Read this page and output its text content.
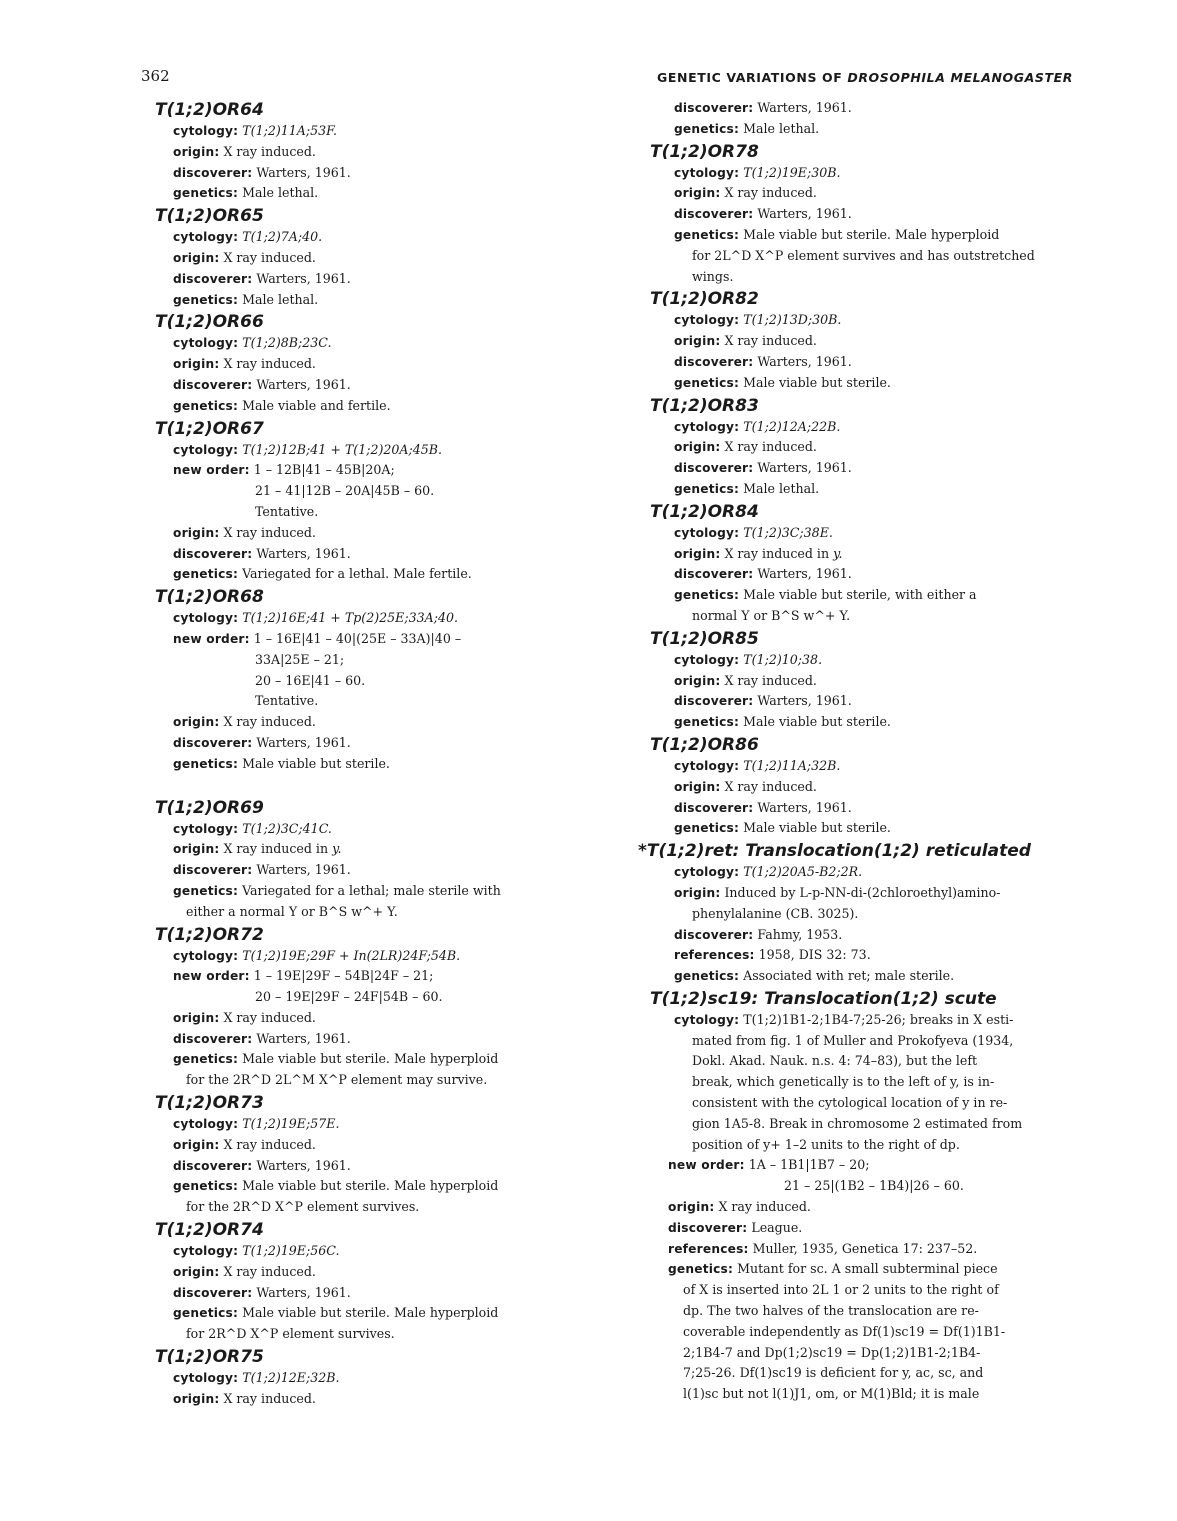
362	GENETIC VARIATIONS OF DROSOPHILA MELANOGASTER
T(1;2)OR64
cytology: T(1;2)11A;53F.
origin: X ray induced.
discoverer: Warters, 1961.
genetics: Male lethal.
T(1;2)OR65
cytology: T(1;2)7A;40.
origin: X ray induced.
discoverer: Warters, 1961.
genetics: Male lethal.
T(1;2)OR66
cytology: T(1;2)8B;23C.
origin: X ray induced.
discoverer: Warters, 1961.
genetics: Male viable and fertile.
T(1;2)OR67
cytology: T(1;2)12B;41 + T(1;2)20A;45B.
new order: 1 – 12B|41 – 45B|20A;
21 – 41|12B – 20A|45B – 60.
Tentative.
origin: X ray induced.
discoverer: Warters, 1961.
genetics: Variegated for a lethal. Male fertile.
T(1;2)OR68
cytology: T(1;2)16E;41 + Tp(2)25E;33A;40.
new order: 1 – 16E|41 – 40|(25E – 33A)|40 –
33A|25E – 21;
20 – 16E|41 – 60.
Tentative.
origin: X ray induced.
discoverer: Warters, 1961.
genetics: Male viable but sterile.
T(1;2)OR69
cytology: T(1;2)3C;41C.
origin: X ray induced in y.
discoverer: Warters, 1961.
genetics: Variegated for a lethal; male sterile with
either a normal Y or B^S w^+ Y.
T(1;2)OR72
cytology: T(1;2)19E;29F + In(2LR)24F;54B.
new order: 1 – 19E|29F – 54B|24F – 21;
20 – 19E|29F – 24F|54B – 60.
origin: X ray induced.
discoverer: Warters, 1961.
genetics: Male viable but sterile. Male hyperploid
for the 2R^D 2L^M X^P element may survive.
T(1;2)OR73
cytology: T(1;2)19E;57E.
origin: X ray induced.
discoverer: Warters, 1961.
genetics: Male viable but sterile. Male hyperploid
for the 2R^D X^P element survives.
T(1;2)OR74
cytology: T(1;2)19E;56C.
origin: X ray induced.
discoverer: Warters, 1961.
genetics: Male viable but sterile. Male hyperploid
for 2R^D X^P element survives.
T(1;2)OR75
cytology: T(1;2)12E;32B.
origin: X ray induced.
discoverer: Warters, 1961.
genetics: Male lethal.
T(1;2)OR78
cytology: T(1;2)19E;30B.
origin: X ray induced.
discoverer: Warters, 1961.
genetics: Male viable but sterile. Male hyperploid
for 2L^D X^P element survives and has outstretched
wings.
T(1;2)OR82
cytology: T(1;2)13D;30B.
origin: X ray induced.
discoverer: Warters, 1961.
genetics: Male viable but sterile.
T(1;2)OR83
cytology: T(1;2)12A;22B.
origin: X ray induced.
discoverer: Warters, 1961.
genetics: Male lethal.
T(1;2)OR84
cytology: T(1;2)3C;38E.
origin: X ray induced in y.
discoverer: Warters, 1961.
genetics: Male viable but sterile, with either a
normal Y or B^S w^+ Y.
T(1;2)OR85
cytology: T(1;2)10;38.
origin: X ray induced.
discoverer: Warters, 1961.
genetics: Male viable but sterile.
T(1;2)OR86
cytology: T(1;2)11A;32B.
origin: X ray induced.
discoverer: Warters, 1961.
genetics: Male viable but sterile.
*T(1;2)ret: Translocation(1;2) reticulated
cytology: T(1;2)20A5-B2;2R.
origin: Induced by L-p-NN-di-(2chloroethyl)amino-
phenylalanine (CB. 3025).
discoverer: Fahmy, 1953.
references: 1958, DIS 32: 73.
genetics: Associated with ret; male sterile.
T(1;2)sc19: Translocation(1;2) scute
cytology: T(1;2)1B1-2;1B4-7;25-26; breaks in X esti-
mated from fig. 1 of Muller and Prokofyeva (1934,
Dokl. Akad. Nauk. n.s. 4: 74–83), but the left
break, which genetically is to the left of y, is in-
consistent with the cytological location of y in re-
gion 1A5-8. Break in chromosome 2 estimated from
position of y+ 1–2 units to the right of dp.
new order: 1A – 1B1|1B7 – 20;
21 – 25|(1B2 – 1B4)|26 – 60.
origin: X ray induced.
discoverer: League.
references: Muller, 1935, Genetica 17: 237–52.
genetics: Mutant for sc. A small subterminal piece
of X is inserted into 2L 1 or 2 units to the right of
dp. The two halves of the translocation are re-
coverable independently as Df(1)sc19 = Df(1)1B1-
2;1B4-7 and Dp(1;2)sc19 = Dp(1;2)1B1-2;1B4-
7;25-26. Df(1)sc19 is deficient for y, ac, sc, and
l(1)sc but not l(1)J1, om, or M(1)Bld; it is male
